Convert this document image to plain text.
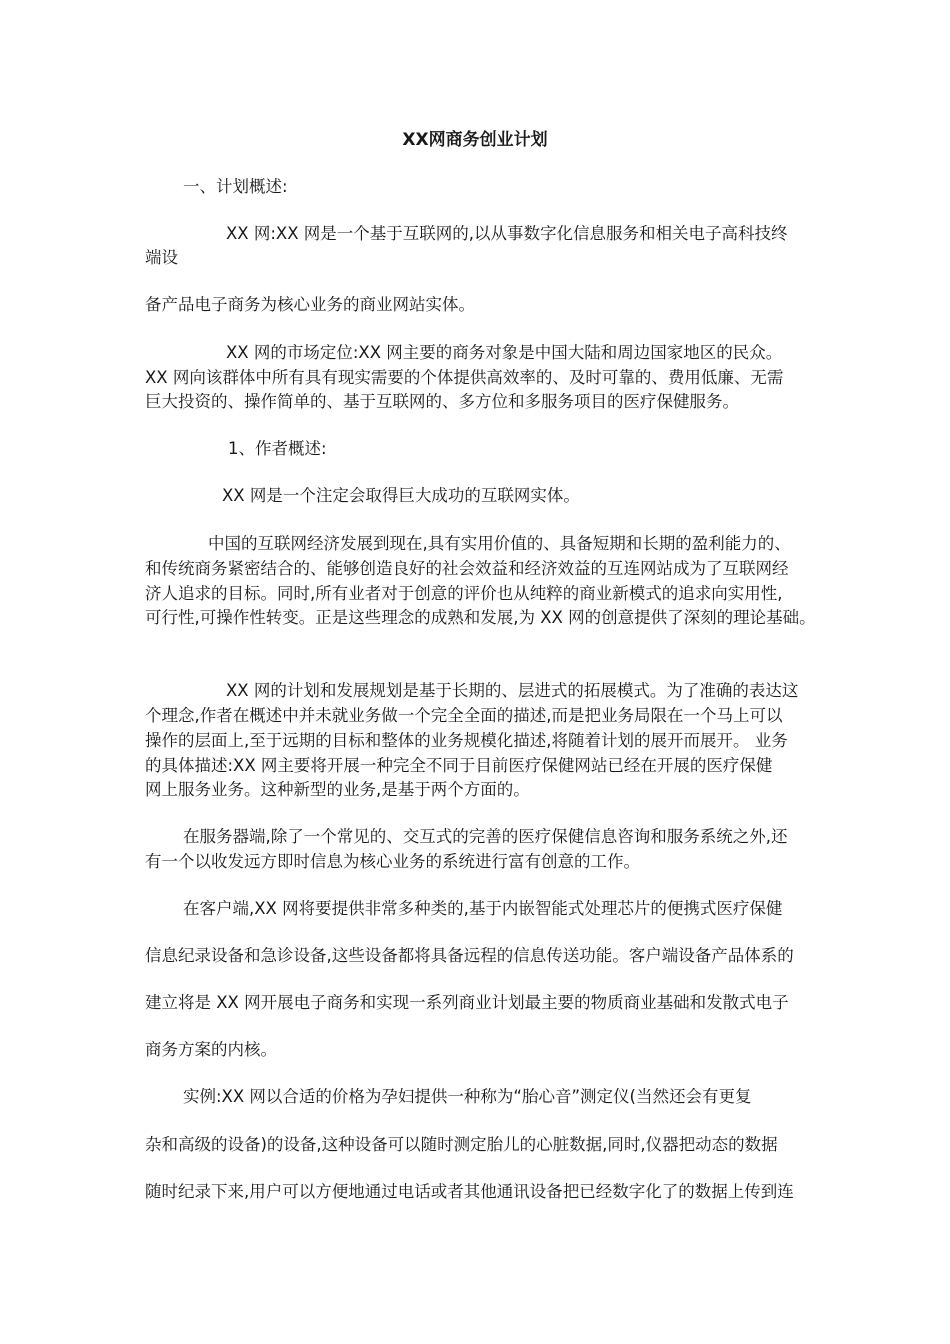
XX网商务创业计划
一、计划概述:
XX 网:XX 网是一个基于互联网的,以从事数字化信息服务和相关电子高科技终
端设
备产品电子商务为核心业务的商业网站实体。
XX 网的市场定位:XX 网主要的商务对象是中国大陆和周边国家地区的民众。
XX 网向该群体中所有具有现实需要的个体提供高效率的、及时可靠的、费用低廉、无需
巨大投资的、操作简单的、基于互联网的、多方位和多服务项目的医疗保健服务。
1、作者概述:
XX 网是一个注定会取得巨大成功的互联网实体。
中国的互联网经济发展到现在,具有实用价值的、具备短期和长期的盈利能力的、
和传统商务紧密结合的、能够创造良好的社会效益和经济效益的互连网站成为了互联网经
济人追求的目标。同时,所有业者对于创意的评价也从纯粹的商业新模式的追求向实用性,
可行性,可操作性转变。正是这些理念的成熟和发展,为 XX 网的创意提供了深刻的理论基础。
XX 网的计划和发展规划是基于长期的、层进式的拓展模式。为了准确的表达这
个理念,作者在概述中并未就业务做一个完全全面的描述,而是把业务局限在一个马上可以
操作的层面上,至于远期的目标和整体的业务规模化描述,将随着计划的展开而展开。 业务
的具体描述:XX 网主要将开展一种完全不同于目前医疗保健网站已经在开展的医疗保健
网上服务业务。这种新型的业务,是基于两个方面的。
在服务器端,除了一个常见的、交互式的完善的医疗保健信息咨询和服务系统之外,还
有一个以收发远方即时信息为核心业务的系统进行富有创意的工作。
在客户端,XX 网将要提供非常多种类的,基于内嵌智能式处理芯片的便携式医疗保健
信息纪录设备和急诊设备,这些设备都将具备远程的信息传送功能。客户端设备产品体系的
建立将是 XX 网开展电子商务和实现一系列商业计划最主要的物质商业基础和发散式电子
商务方案的内核。
实例:XX 网以合适的价格为孕妇提供一种称为“胎心音”测定仪(当然还会有更复
杂和高级的设备)的设备,这种设备可以随时测定胎儿的心脏数据,同时,仪器把动态的数据
随时纪录下来,用户可以方便地通过电话或者其他通讯设备把已经数字化了的数据上传到连
